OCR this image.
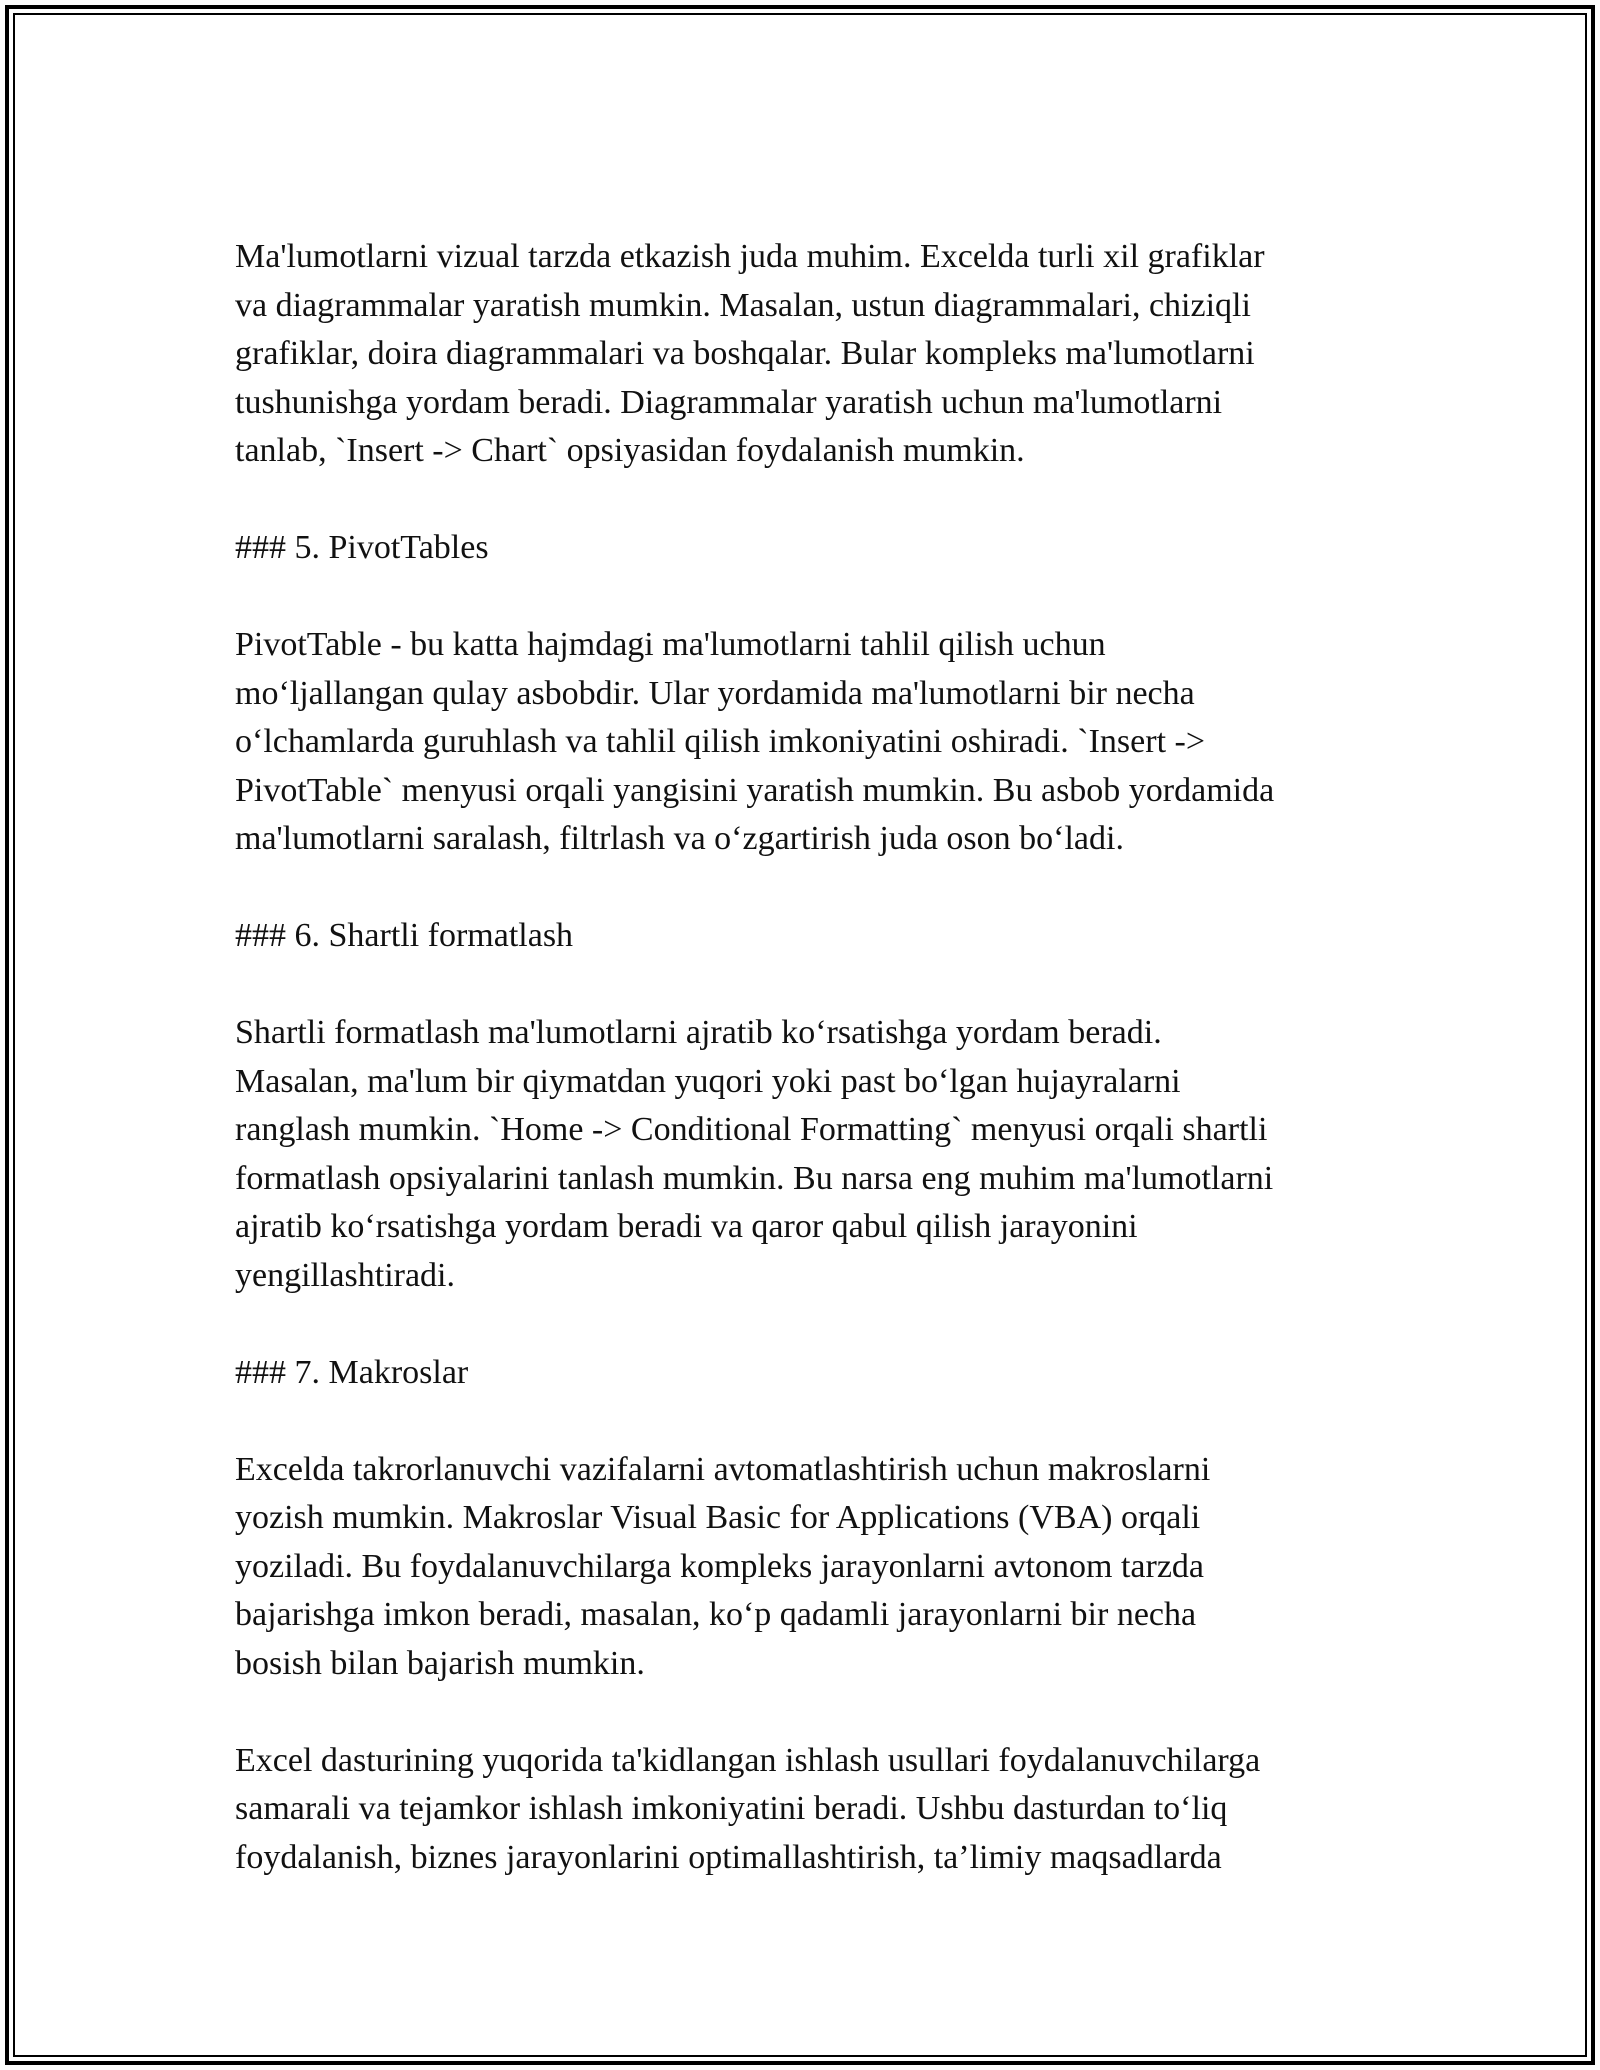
Ma'lumotlarni vizual tarzda etkazish juda muhim. Excelda turli xil grafiklar
va diagrammalar yaratish mumkin. Masalan, ustun diagrammalari, chiziqli
grafiklar, doira diagrammalari va boshqalar. Bular kompleks ma'lumotlarni
tushunishga yordam beradi. Diagrammalar yaratish uchun ma'lumotlarni
tanlab, `Insert -> Chart` opsiyasidan foydalanish mumkin.
### 5. PivotTables
PivotTable - bu katta hajmdagi ma'lumotlarni tahlil qilish uchun
mo‘ljallangan qulay asbobdir. Ular yordamida ma'lumotlarni bir necha
o‘lchamlarda guruhlash va tahlil qilish imkoniyatini oshiradi. `Insert ->
PivotTable` menyusi orqali yangisini yaratish mumkin. Bu asbob yordamida
ma'lumotlarni saralash, filtrlash va o‘zgartirish juda oson bo‘ladi.
### 6. Shartli formatlash
Shartli formatlash ma'lumotlarni ajratib ko‘rsatishga yordam beradi.
Masalan, ma'lum bir qiymatdan yuqori yoki past bo‘lgan hujayralarni
ranglash mumkin. `Home -> Conditional Formatting` menyusi orqali shartli
formatlash opsiyalarini tanlash mumkin. Bu narsa eng muhim ma'lumotlarni
ajratib ko‘rsatishga yordam beradi va qaror qabul qilish jarayonini
yengillashtiradi.
### 7. Makroslar
Excelda takrorlanuvchi vazifalarni avtomatlashtirish uchun makroslarni
yozish mumkin. Makroslar Visual Basic for Applications (VBA) orqali
yoziladi. Bu foydalanuvchilarga kompleks jarayonlarni avtonom tarzda
bajarishga imkon beradi, masalan, ko‘p qadamli jarayonlarni bir necha
bosish bilan bajarish mumkin.
Excel dasturining yuqorida ta'kidlangan ishlash usullari foydalanuvchilarga
samarali va tejamkor ishlash imkoniyatini beradi. Ushbu dasturdan to‘liq
foydalanish, biznes jarayonlarini optimallashtirish, ta’limiy maqsadlarda
